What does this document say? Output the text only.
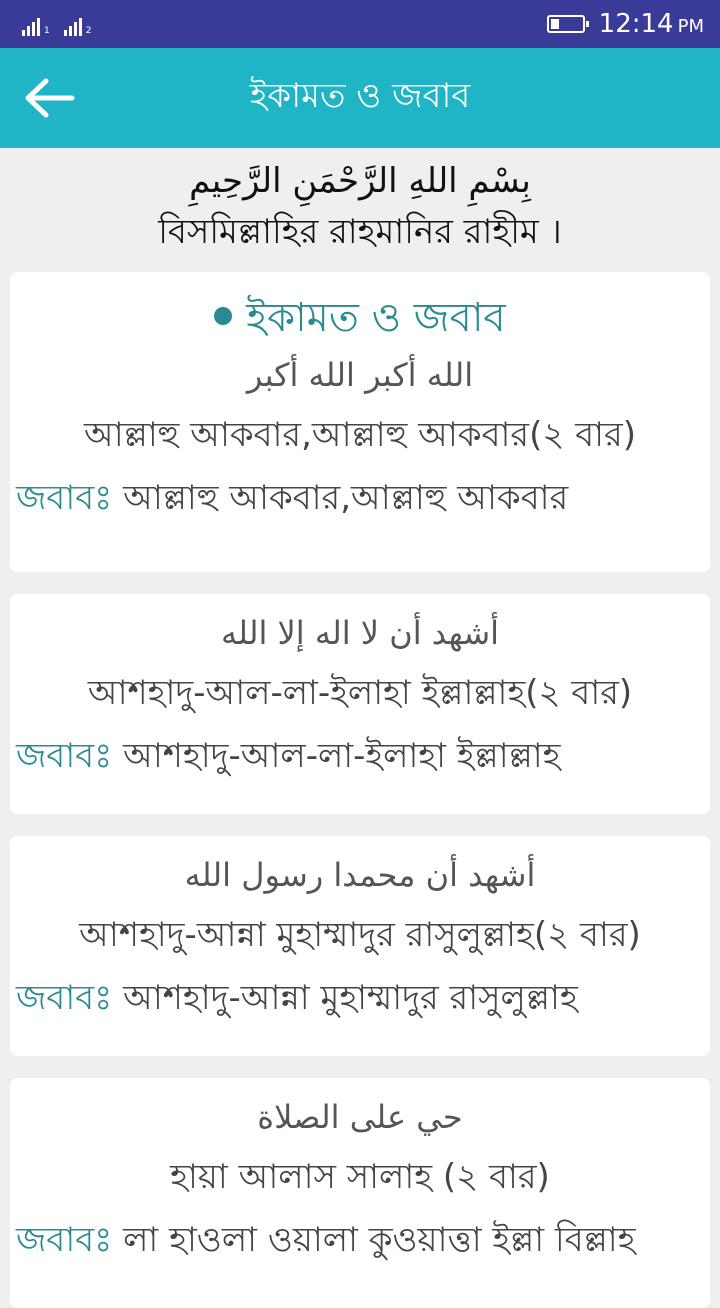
$_1$	$_2$	12:14 PM
ইকামত ও জবাব
بِسْمِ اللهِ الرَّحْمَنِ الرَّحِيمِ
বিসমিল্লাহির রাহমানির রাহীম ।
ইকামত ও জবাব
الله أكبر الله أكبر
আল্লাহু আকবার,আল্লাহু আকবার(২ বার)
জবাবঃ আল্লাহু আকবার,আল্লাহু আকবার
أشهد أن لا اله إلا الله
আশহাদু-আল-লা-ইলাহা ইল্লাল্লাহ(২ বার)
জবাবঃ আশহাদু-আল-লা-ইলাহা ইল্লাল্লাহ
أشهد أن محمدا رسول الله
আশহাদু-আন্না মুহাম্মাদুর রাসুলুল্লাহ(২ বার)
জবাবঃ আশহাদু-আন্না মুহাম্মাদুর রাসুলুল্লাহ
حي على الصلاة
হায়া আলাস সালাহ (২ বার)
জবাবঃ লা হাওলা ওয়ালা কুওয়াত্তা ইল্লা বিল্লাহ
